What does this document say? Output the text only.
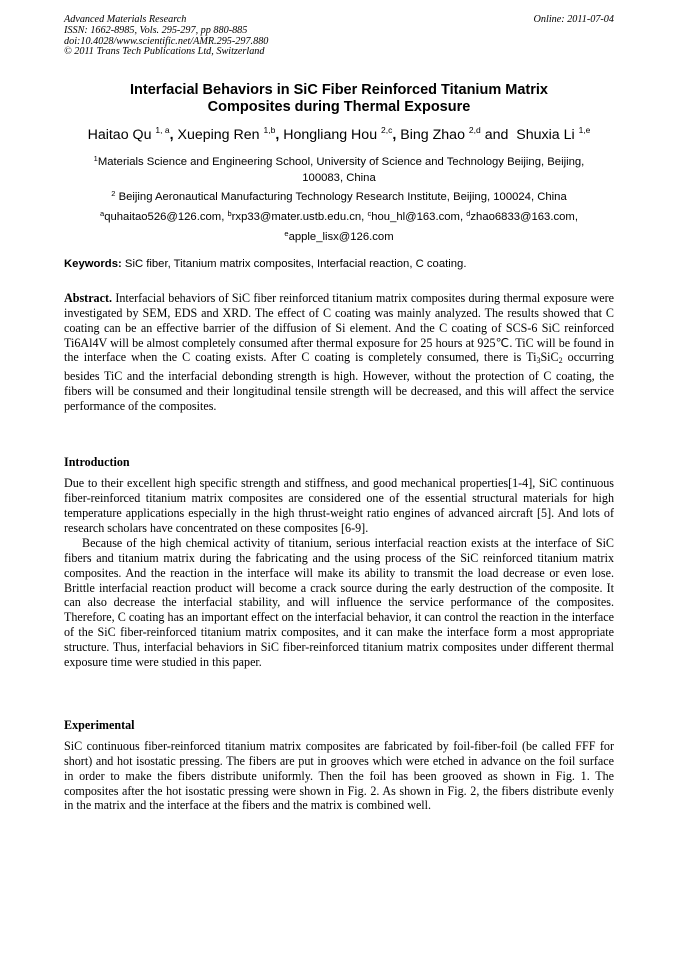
Advanced Materials Research
ISSN: 1662-8985, Vols. 295-297, pp 880-885
doi:10.4028/www.scientific.net/AMR.295-297.880
© 2011 Trans Tech Publications Ltd, Switzerland
Online: 2011-07-04
Interfacial Behaviors in SiC Fiber Reinforced Titanium Matrix
Composites during Thermal Exposure
Haitao Qu $^{1, a}$, Xueping Ren $^{1,b}$, Hongliang Hou $^{2,c}$, Bing Zhao $^{2,d}$ and  Shuxia Li $^{1,e}$
$^1$Materials Science and Engineering School, University of Science and Technology Beijing, Beijing,
100083, China
$^2$ Beijing Aeronautical Manufacturing Technology Research Institute, Beijing, 100024, China
$^a$quhaitao526@126.com, $^b$rxp33@mater.ustb.edu.cn, $^c$hou_hl@163.com, $^d$zhao6833@163.com,
$^e$apple_lisx@126.com
Keywords: SiC fiber, Titanium matrix composites, Interfacial reaction, C coating.
Abstract. Interfacial behaviors of SiC fiber reinforced titanium matrix composites during thermal exposure were investigated by SEM, EDS and XRD. The effect of C coating was mainly analyzed. The results showed that C coating can be an effective barrier of the diffusion of Si element. And the C coating of SCS-6 SiC reinforced Ti6Al4V will be almost completely consumed after thermal exposure for 25 hours at 925℃. TiC will be found in the interface when the C coating exists. After C coating is completely consumed, there is $Ti_3SiC_2$ occurring besides TiC and the interfacial debonding strength is high. However, without the protection of C coating, the fibers will be consumed and their longitudinal tensile strength will be decreased, and this will affect the service performance of the composites.
Introduction
Due to their excellent high specific strength and stiffness, and good mechanical properties[1-4], SiC continuous fiber-reinforced titanium matrix composites are considered one of the essential structural materials for high temperature applications especially in the high thrust-weight ratio engines of advanced aircraft [5]. And lots of research scholars have concentrated on these composites [6-9].
Because of the high chemical activity of titanium, serious interfacial reaction exists at the interface of SiC fibers and titanium matrix during the fabricating and the using process of the SiC reinforced titanium matrix composites. And the reaction in the interface will make its ability to transmit the load decrease or even lose. Brittle interfacial reaction product will become a crack source during the early destruction of the composite. It can also decrease the interfacial stability, and will influence the service performance of the composites. Therefore, C coating has an important effect on the interfacial behavior, it can control the reaction in the interface of the SiC fiber-reinforced titanium matrix composites, and it can make the interface form a most appropriate structure. Thus, interfacial behaviors in SiC fiber-reinforced titanium matrix composites under different thermal exposure time were studied in this paper.
Experimental
SiC continuous fiber-reinforced titanium matrix composites are fabricated by foil-fiber-foil (be called FFF for short) and hot isostatic pressing. The fibers are put in grooves which were etched in advance on the foil surface in order to make the fibers distribute uniformly. Then the foil has been grooved as shown in Fig. 1. The composites after the hot isostatic pressing were shown in Fig. 2. As shown in Fig. 2, the fibers distribute evenly in the matrix and the interface at the fibers and the matrix is combined well.
